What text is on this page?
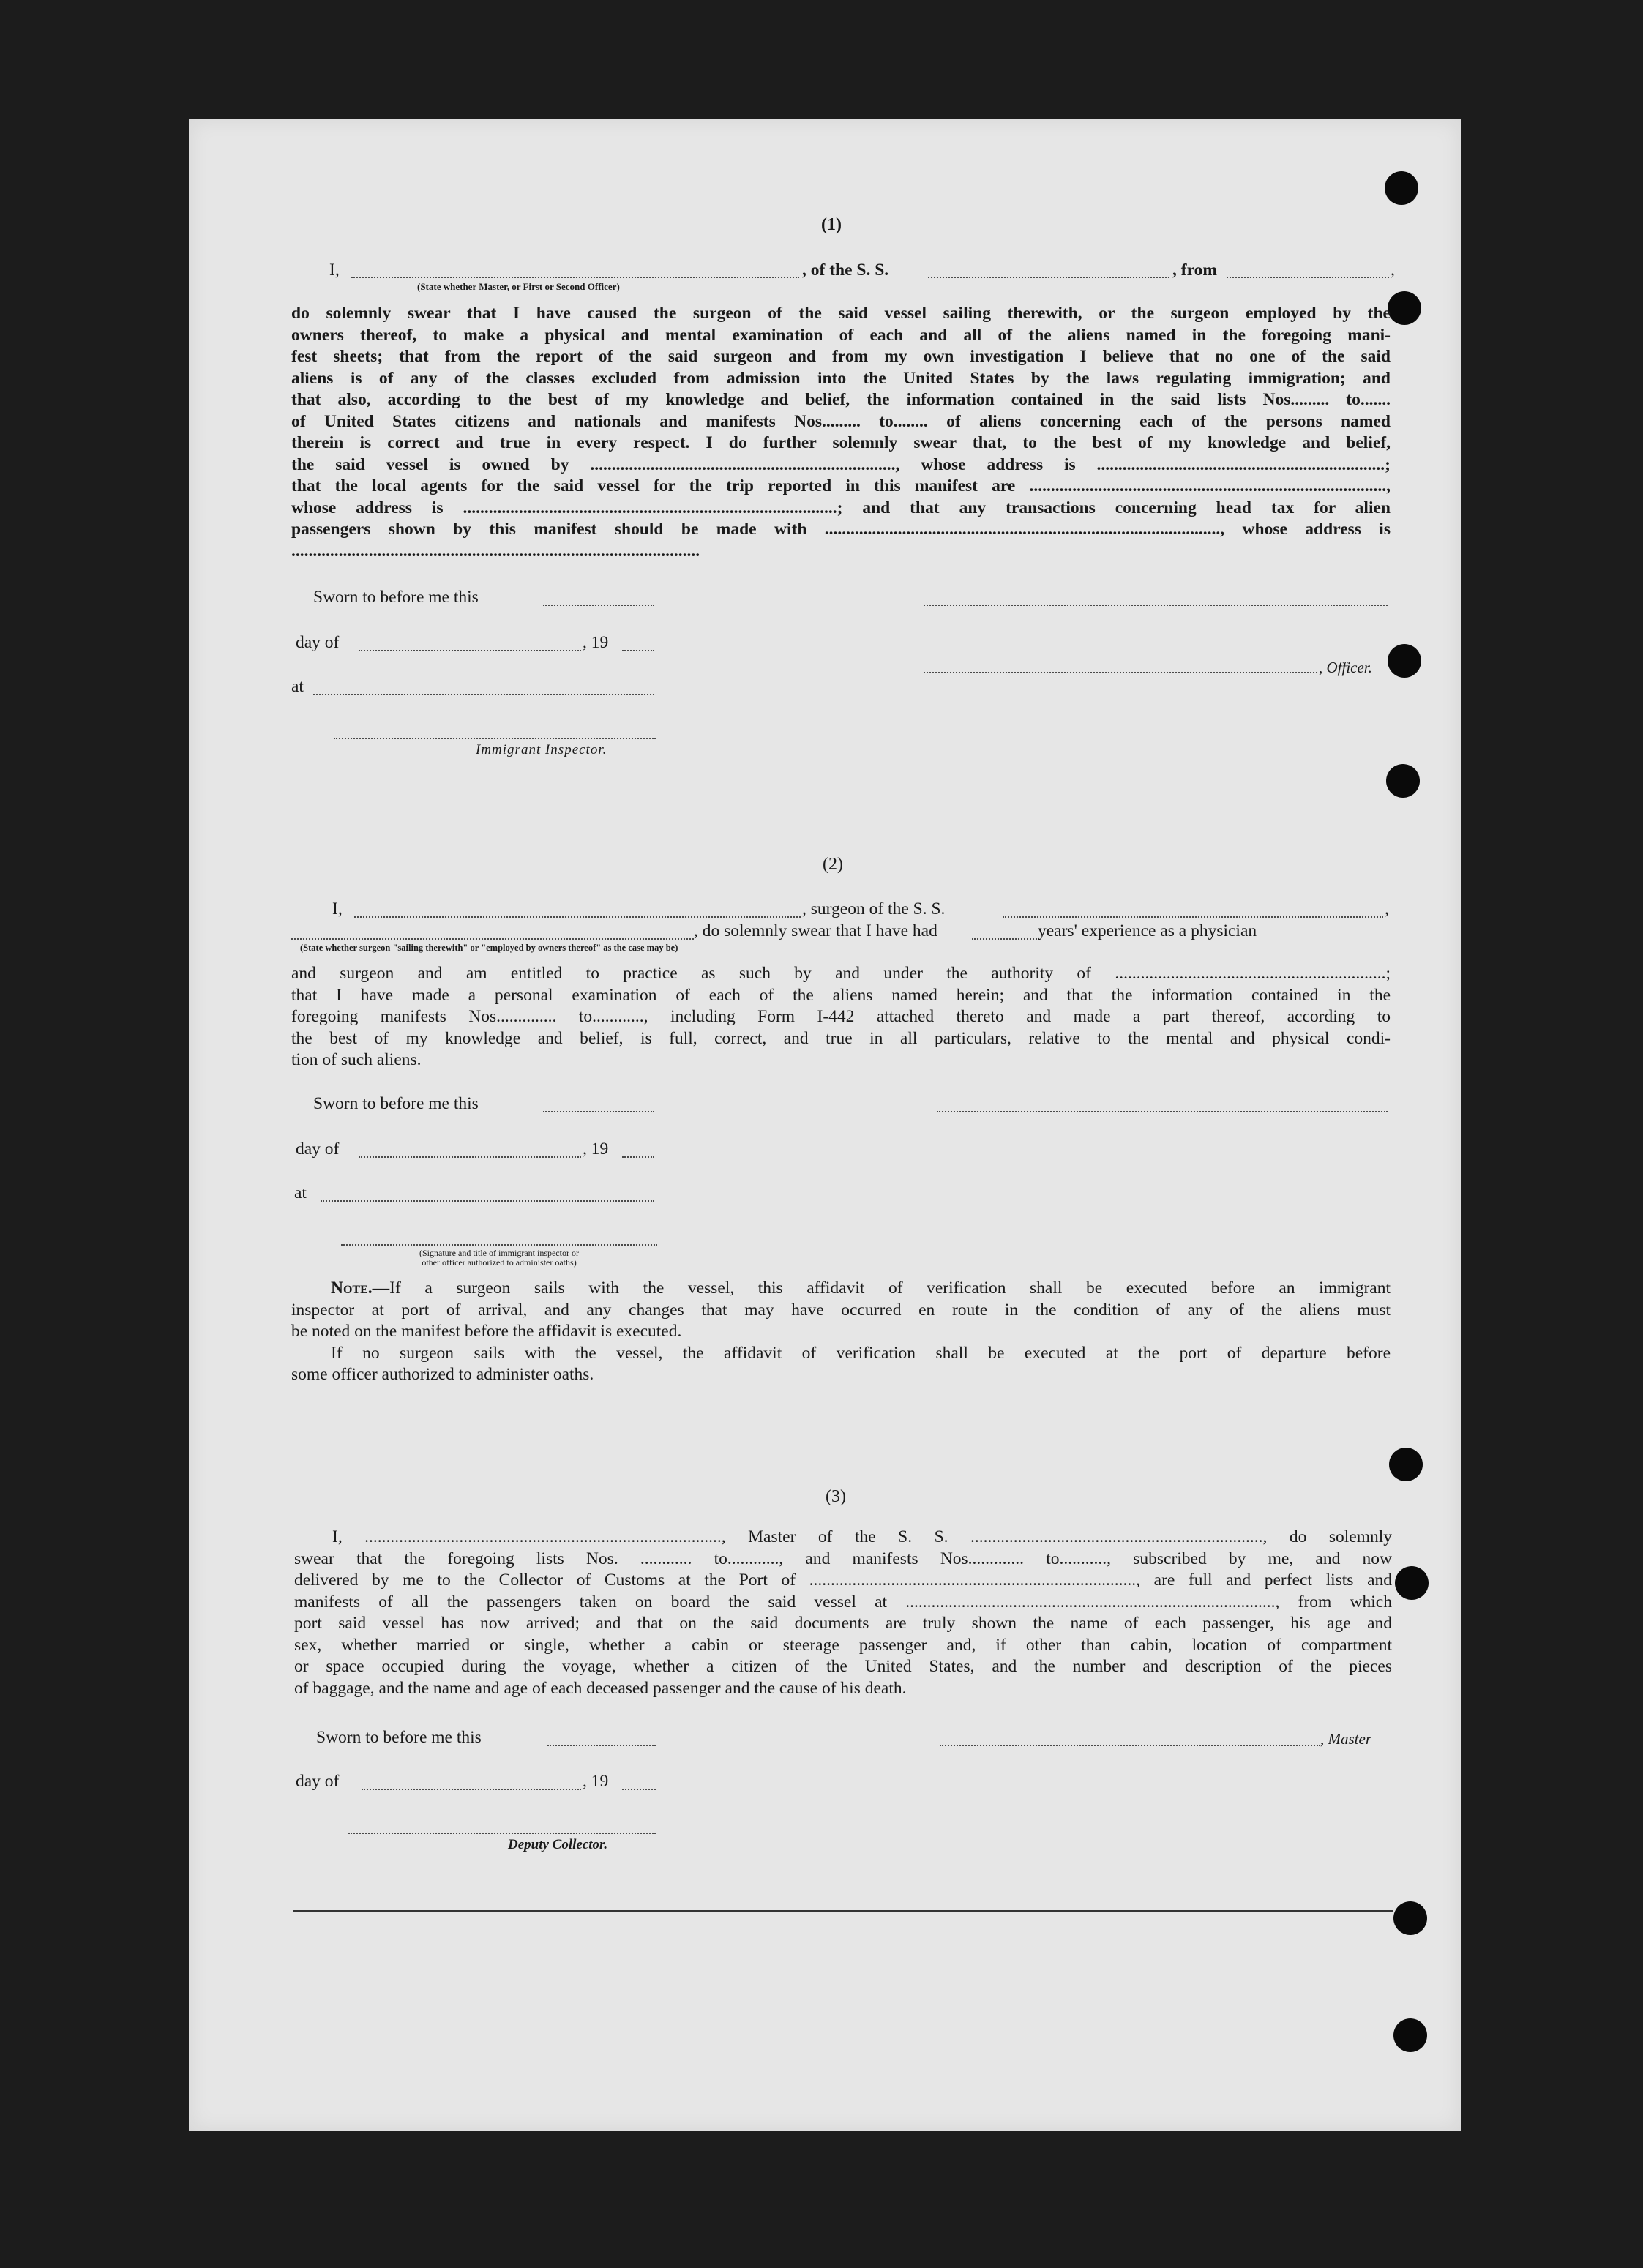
(1)
I,	, of the S. S.	, from	,
(State whether Master, or First or Second Officer)
do solemnly swear that I have caused the surgeon of the said vessel sailing therewith, or the surgeon employed by the
owners thereof, to make a physical and mental examination of each and all of the aliens named in the foregoing mani-
fest sheets; that from the report of the said surgeon and from my own investigation I believe that no one of the said
aliens is of any of the classes excluded from admission into the United States by the laws regulating immigration; and
that also, according to the best of my knowledge and belief, the information contained in the said lists Nos......... to.......
of United States citizens and nationals and manifests Nos......... to........ of aliens concerning each of the persons named
therein is correct and true in every respect. I do further solemnly swear that, to the best of my knowledge and belief,
the said vessel is owned by ......................................................................., whose address is ...................................................................;
that the local agents for the said vessel for the trip reported in this manifest are ...................................................................................,
whose address is .......................................................................................; and that any transactions concerning head tax for alien
passengers shown by this manifest should be made with ............................................................................................, whose address is
...............................................................................................
Sworn to before me this
day of	, 19
, Officer.
at
Immigrant Inspector.
(2)
I,	, surgeon of the S. S.	,
, do solemnly swear that I have had	years' experience as a physician
(State whether surgeon "sailing therewith" or "employed by owners thereof" as the case may be)
and surgeon and am entitled to practice as such by and under the authority of ...............................................................;
that I have made a personal examination of each of the aliens named herein; and that the information contained in the
foregoing manifests Nos.............. to............, including Form I-442 attached thereto and made a part thereof, according to
the best of my knowledge and belief, is full, correct, and true in all particulars, relative to the mental and physical condi-
tion of such aliens.
Sworn to before me this
day of	, 19
at
(Signature and title of immigrant inspector or
other officer authorized to administer oaths)
Note.—If a surgeon sails with the vessel, this affidavit of verification shall be executed before an immigrant
inspector at port of arrival, and any changes that may have occurred en route in the condition of any of the aliens must
be noted on the manifest before the affidavit is executed.
If no surgeon sails with the vessel, the affidavit of verification shall be executed at the port of departure before
some officer authorized to administer oaths.
(3)
I, ..................................................................................., Master of the S. S. ...................................................................., do solemnly
swear that the foregoing lists Nos. ............ to............, and manifests Nos............. to..........., subscribed by me, and now
delivered by me to the Collector of Customs at the Port of ............................................................................, are full and perfect lists and
manifests of all the passengers taken on board the said vessel at ......................................................................................, from which
port said vessel has now arrived; and that on the said documents are truly shown the name of each passenger, his age and
sex, whether married or single, whether a cabin or steerage passenger and, if other than cabin, location of compartment
or space occupied during the voyage, whether a citizen of the United States, and the number and description of the pieces
of baggage, and the name and age of each deceased passenger and the cause of his death.
Sworn to before me this	, Master
day of	, 19
Deputy Collector.
